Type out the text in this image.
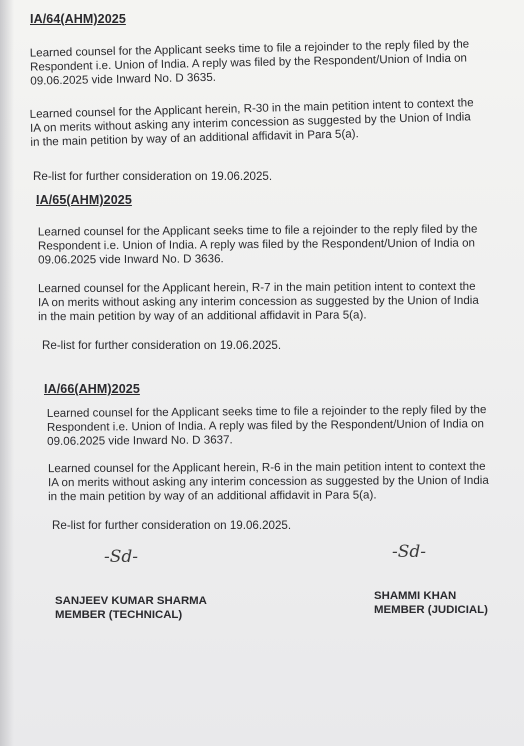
IA/64(AHM)2025

Learned counsel for the Applicant seeks time to file a rejoinder to the reply filed by the Respondent i.e. Union of India. A reply was filed by the Respondent/Union of India on 09.06.2025 vide Inward No. D 3635.

Learned counsel for the Applicant herein, R-30 in the main petition intent to context the IA on merits without asking any interim concession as suggested by the Union of India in the main petition by way of an additional affidavit in Para 5(a).

Re-list for further consideration on 19.06.2025.

IA/65(AHM)2025

Learned counsel for the Applicant seeks time to file a rejoinder to the reply filed by the Respondent i.e. Union of India. A reply was filed by the Respondent/Union of India on 09.06.2025 vide Inward No. D 3636.

Learned counsel for the Applicant herein, R-7 in the main petition intent to context the IA on merits without asking any interim concession as suggested by the Union of India in the main petition by way of an additional affidavit in Para 5(a).

Re-list for further consideration on 19.06.2025.

IA/66(AHM)2025

Learned counsel for the Applicant seeks time to file a rejoinder to the reply filed by the Respondent i.e. Union of India. A reply was filed by the Respondent/Union of India on 09.06.2025 vide Inward No. D 3637.

Learned counsel for the Applicant herein, R-6 in the main petition intent to context the IA on merits without asking any interim concession as suggested by the Union of India in the main petition by way of an additional affidavit in Para 5(a).

Re-list for further consideration on 19.06.2025.

-Sd-	-Sd-
SANJEEV KUMAR SHARMA
MEMBER (TECHNICAL)
SHAMMI KHAN
MEMBER (JUDICIAL)
